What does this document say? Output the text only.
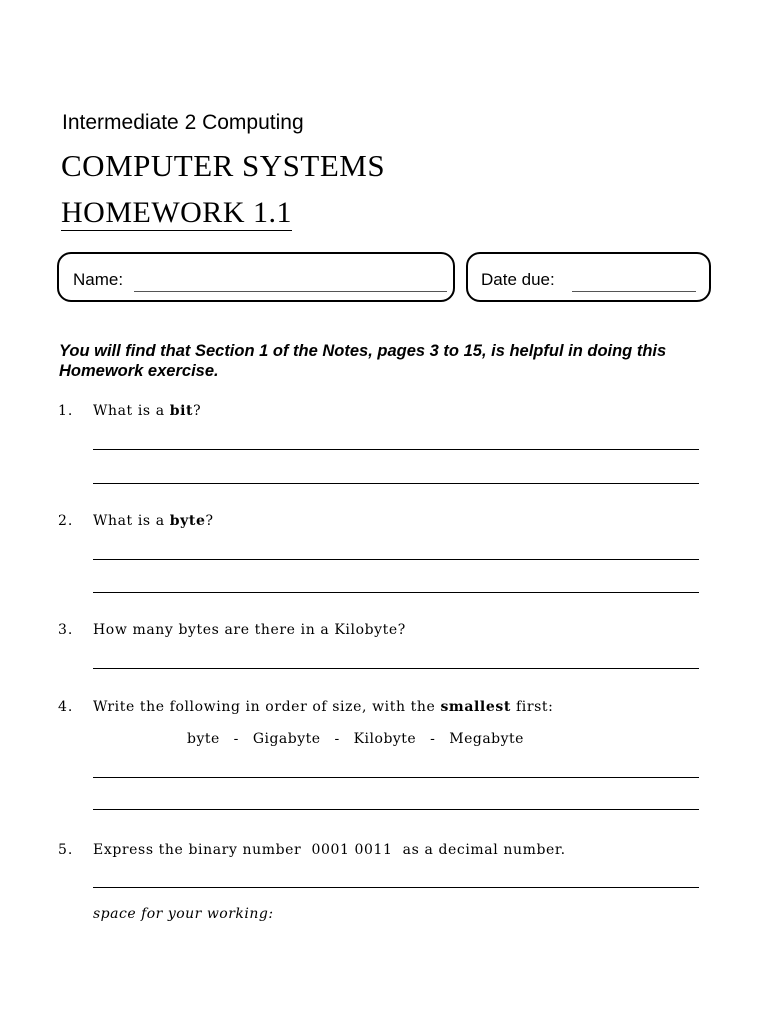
Intermediate 2 Computing
COMPUTER SYSTEMS
HOMEWORK 1.1
Name:	Date due:
You will find that Section 1 of the Notes, pages 3 to 15, is helpful in doing this Homework exercise.
1. What is a bit?
2. What is a byte?
3. How many bytes are there in a Kilobyte?
4. Write the following in order of size, with the smallest first:
byte  -  Gigabyte  -  Kilobyte  -  Megabyte
5. Express the binary number  0001 0011  as a decimal number.
space for your working:
